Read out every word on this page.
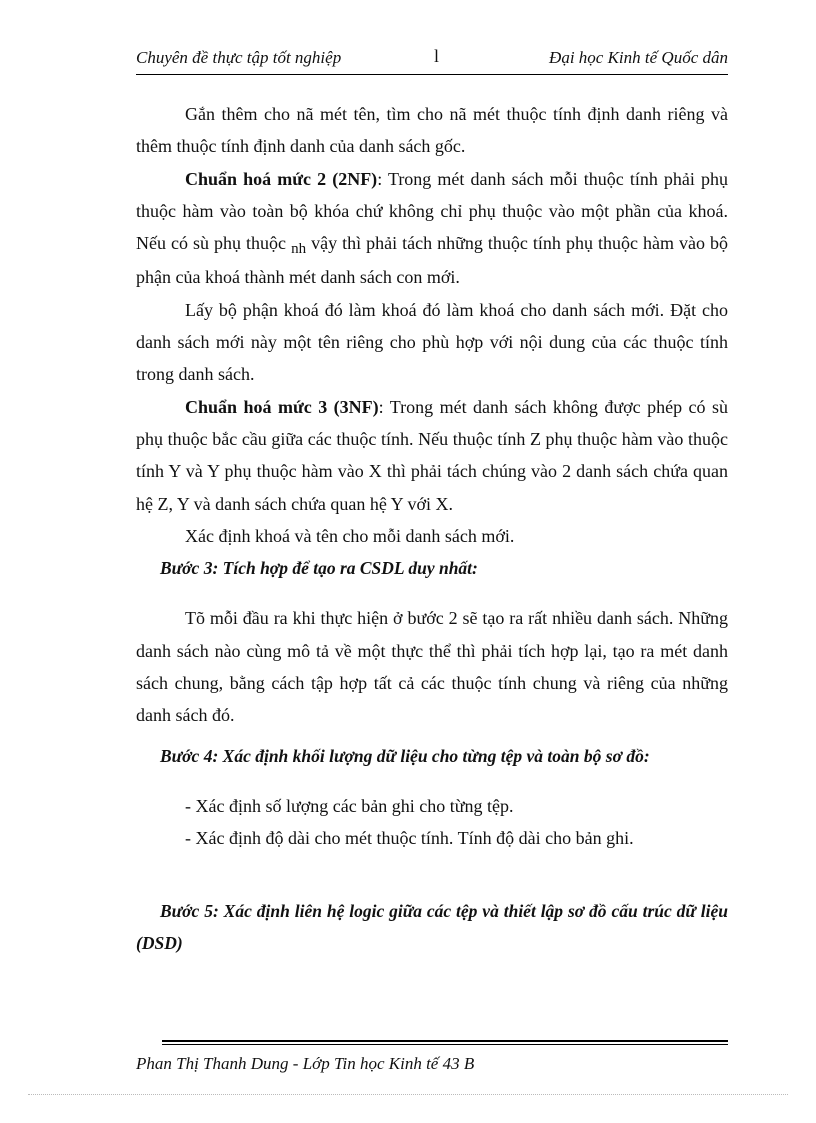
Chuyên đề thực tập tốt nghiệp	l	Đại học Kinh tế Quốc dân

Gắn thêm cho nã mét tên, tìm cho nã mét thuộc tính định danh riêng và thêm thuộc tính định danh của danh sách gốc.

Chuẩn hoá mức 2 (2NF): Trong mét danh sách mỗi thuộc tính phải phụ thuộc hàm vào toàn bộ khóa chứ không chỉ phụ thuộc vào một phần của khoá. Nếu có sù phụ thuộc $_{nh}$ vậy thì phải tách những thuộc tính phụ thuộc hàm vào bộ phận của khoá thành mét danh sách con mới.

Lấy bộ phận khoá đó làm khoá đó làm khoá cho danh sách mới. Đặt cho danh sách mới này một tên riêng cho phù hợp với nội dung của các thuộc tính trong danh sách.

Chuẩn hoá mức 3 (3NF): Trong mét danh sách không được phép có sù phụ thuộc bắc cầu giữa các thuộc tính. Nếu thuộc tính Z phụ thuộc hàm vào thuộc tính Y và Y phụ thuộc hàm vào X thì phải tách chúng vào 2 danh sách chứa quan hệ Z, Y và danh sách chứa quan hệ Y với X.

Xác định khoá và tên cho mỗi danh sách mới.

Bước 3: Tích hợp để tạo ra CSDL duy nhất:

Tõ mỗi đầu ra khi thực hiện ở bước 2 sẽ tạo ra rất nhiều danh sách. Những danh sách nào cùng mô tả về một thực thể thì phải tích hợp lại, tạo ra mét danh sách chung, bằng cách tập hợp tất cả các thuộc tính chung và riêng của những danh sách đó.

Bước 4: Xác định khối lượng dữ liệu cho từng tệp và toàn bộ sơ đồ:

- Xác định số lượng các bản ghi cho từng tệp.

- Xác định độ dài cho mét thuộc tính. Tính độ dài cho bản ghi.

Bước 5: Xác định liên hệ logic giữa các tệp và thiết lập sơ đồ cấu trúc dữ liệu (DSD)

Phan Thị Thanh Dung - Lớp Tin học Kinh tế 43 B
